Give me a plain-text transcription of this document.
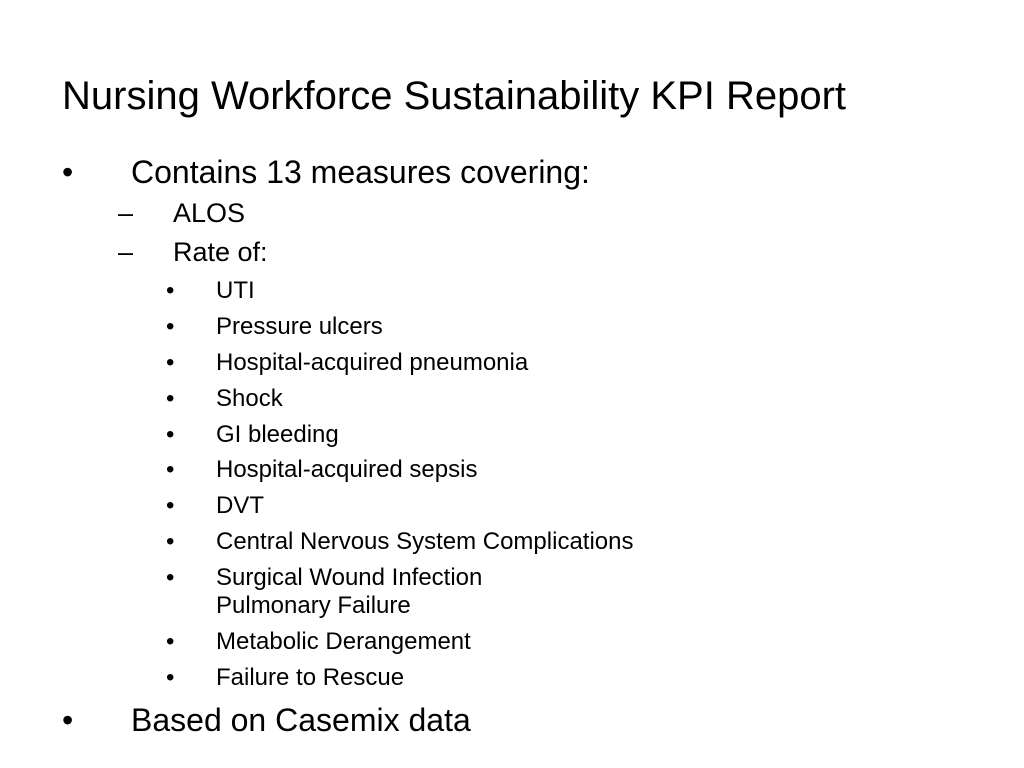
Nursing Workforce Sustainability KPI Report
• Contains 13 measures covering:
– ALOS
– Rate of:
• UTI
• Pressure ulcers
• Hospital-acquired pneumonia
• Shock
• GI bleeding
• Hospital-acquired sepsis
• DVT
• Central Nervous System Complications
• Surgical Wound Infection
Pulmonary Failure
• Metabolic Derangement
• Failure to Rescue
• Based on Casemix data
